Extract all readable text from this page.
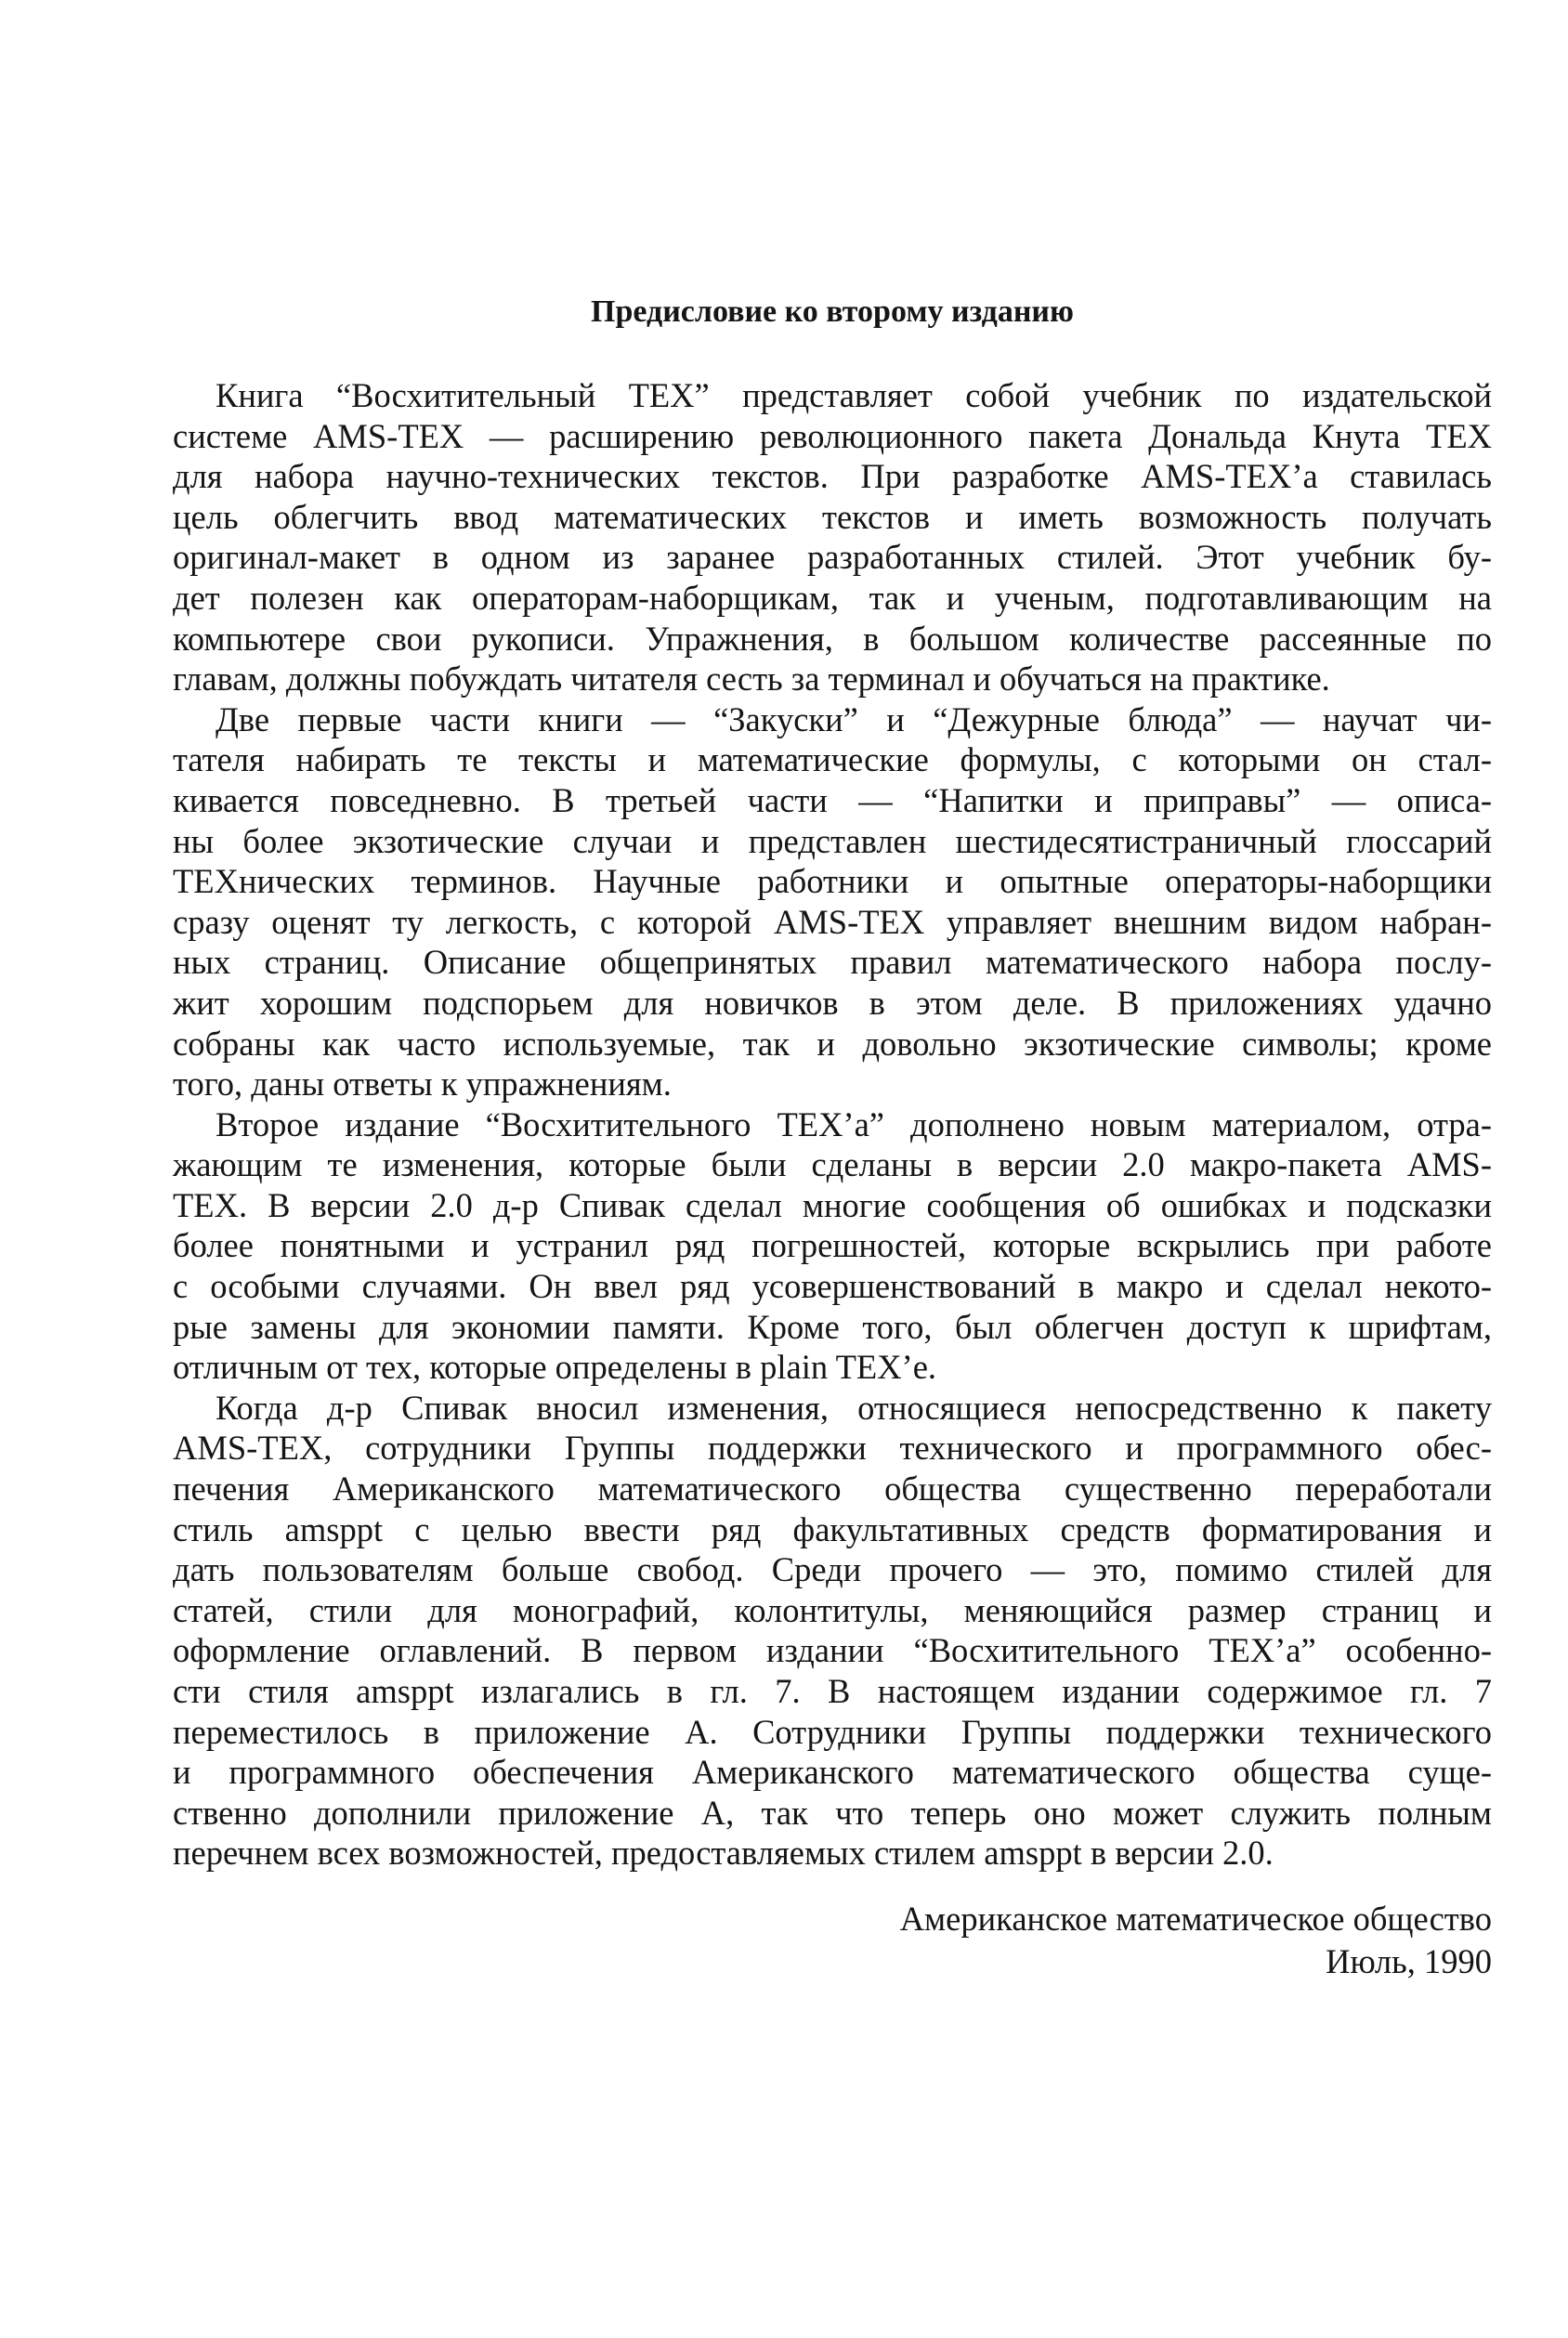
Предисловие ко второму изданию
Книга “Восхитительный TEX” представляет собой учебник по издательской
системе AMS-TEX — расширению революционного пакета Дональда Кнута TEX
для набора научно-технических текстов. При разработке AMS-TEX’а ставилась
цель облегчить ввод математических текстов и иметь возможность получать
оригинал-макет в одном из заранее разработанных стилей. Этот учебник бу-
дет полезен как операторам-наборщикам, так и ученым, подготавливающим на
компьютере свои рукописи. Упражнения, в большом количестве рассеянные по
главам, должны побуждать читателя сесть за терминал и обучаться на практике.
Две первые части книги — “Закуски” и “Дежурные блюда” — научат чи-
тателя набирать те тексты и математические формулы, с которыми он стал-
кивается повседневно. В третьей части — “Напитки и приправы” — описа-
ны более экзотические случаи и представлен шестидесятистраничный глоссарий
TEXнических терминов. Научные работники и опытные операторы-наборщики
сразу оценят ту легкость, с которой AMS-TEX управляет внешним видом набран-
ных страниц. Описание общепринятых правил математического набора послу-
жит хорошим подспорьем для новичков в этом деле. В приложениях удачно
собраны как часто используемые, так и довольно экзотические символы; кроме
того, даны ответы к упражнениям.
Второе издание “Восхитительного TEX’а” дополнено новым материалом, отра-
жающим те изменения, которые были сделаны в версии 2.0 макро-пакета AMS-
TEX. В версии 2.0 д-р Спивак сделал многие сообщения об ошибках и подсказки
более понятными и устранил ряд погрешностей, которые вскрылись при работе
с особыми случаями. Он ввел ряд усовершенствований в макро и сделал некото-
рые замены для экономии памяти. Кроме того, был облегчен доступ к шрифтам,
отличным от тех, которые определены в plain TEX’е.
Когда д-р Спивак вносил изменения, относящиеся непосредственно к пакету
AMS-TEX, сотрудники Группы поддержки технического и программного обес-
печения Американского математического общества существенно переработали
стиль amsppt с целью ввести ряд факультативных средств форматирования и
дать пользователям больше свобод. Среди прочего — это, помимо стилей для
статей, стили для монографий, колонтитулы, меняющийся размер страниц и
оформление оглавлений. В первом издании “Восхитительного TEX’а” особенно-
сти стиля amsppt излагались в гл. 7. В настоящем издании содержимое гл. 7
переместилось в приложение А. Сотрудники Группы поддержки технического
и программного обеспечения Американского математического общества суще-
ственно дополнили приложение А, так что теперь оно может служить полным
перечнем всех возможностей, предоставляемых стилем amsppt в версии 2.0.
Американское математическое общество
Июль, 1990
